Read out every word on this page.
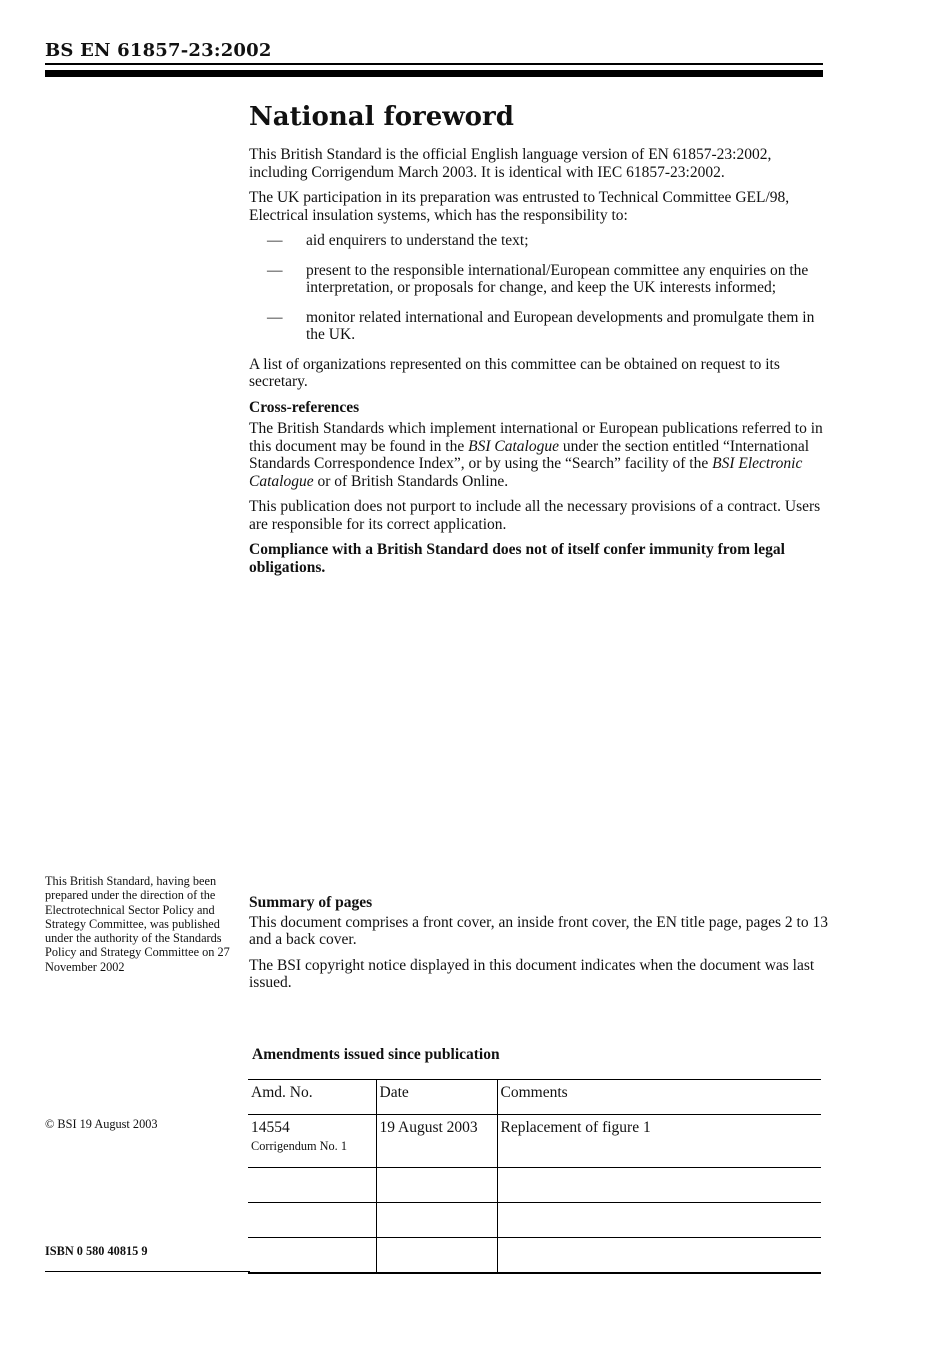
BS EN 61857-23:2002
National foreword

This British Standard is the official English language version of EN 61857-23:2002, including Corrigendum March 2003. It is identical with IEC 61857-23:2002.

The UK participation in its preparation was entrusted to Technical Committee GEL/98, Electrical insulation systems, which has the responsibility to:

— aid enquirers to understand the text;
— present to the responsible international/European committee any enquiries on the interpretation, or proposals for change, and keep the UK interests informed;
— monitor related international and European developments and promulgate them in the UK.

A list of organizations represented on this committee can be obtained on request to its secretary.

Cross-references

The British Standards which implement international or European publications referred to in this document may be found in the BSI Catalogue under the section entitled “International Standards Correspondence Index”, or by using the “Search” facility of the BSI Electronic Catalogue or of British Standards Online.

This publication does not purport to include all the necessary provisions of a contract. Users are responsible for its correct application.

Compliance with a British Standard does not of itself confer immunity from legal obligations.

This British Standard, having been prepared under the direction of the Electrotechnical Sector Policy and Strategy Committee, was published under the authority of the Standards Policy and Strategy Committee on 27 November 2002
Summary of pages

This document comprises a front cover, an inside front cover, the EN title page, pages 2 to 13 and a back cover.

The BSI copyright notice displayed in this document indicates when the document was last issued.

© BSI 19 August 2003
Amendments issued since publication
Amd. No.	Date	Comments
14554
Corrigendum No. 1	19 August 2003	Replacement of figure 1

ISBN 0 580 40815 9
